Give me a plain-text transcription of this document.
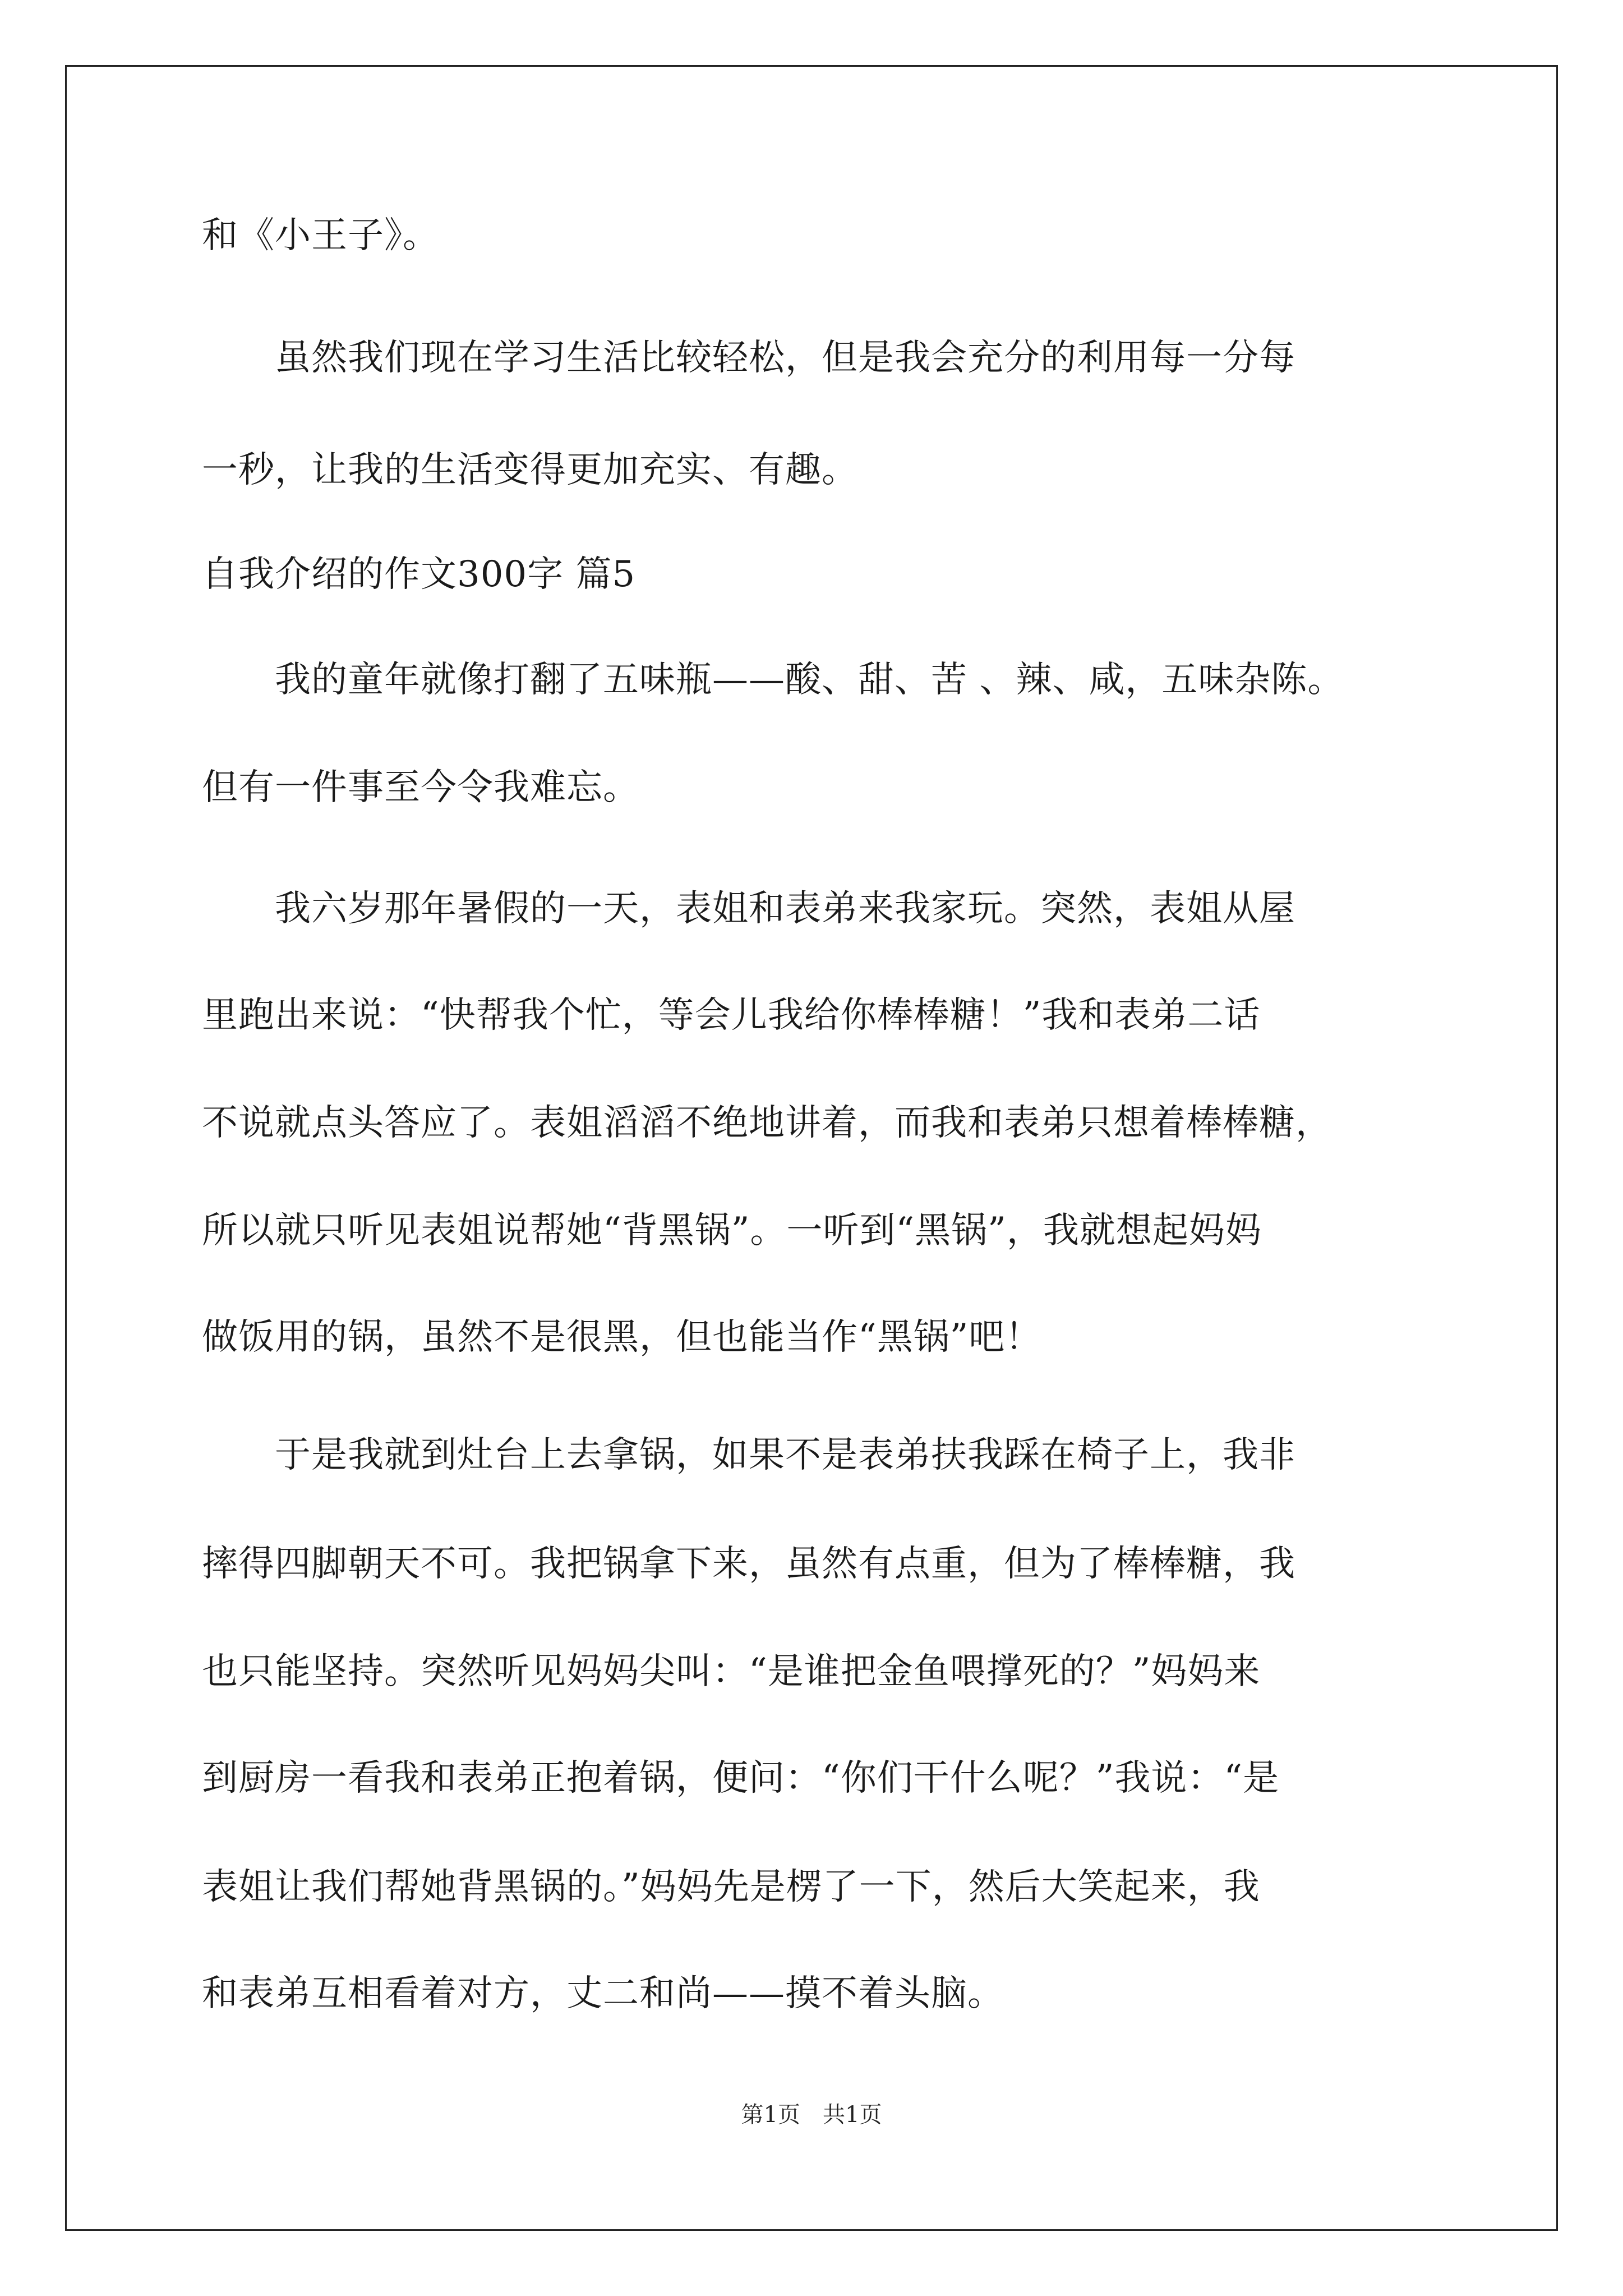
和《小王子》。

　　虽然我们现在学习生活比较轻松，但是我会充分的利用每一分每

一秒，让我的生活变得更加充实、有趣。

自我介绍的作文300字 篇5

　　我的童年就像打翻了五味瓶——酸、甜、苦 、辣、咸，五味杂陈。

但有一件事至今令我难忘。

　　我六岁那年暑假的一天，表姐和表弟来我家玩。突然，表姐从屋

里跑出来说：“快帮我个忙，等会儿我给你棒棒糖！”我和表弟二话

不说就点头答应了。表姐滔滔不绝地讲着，而我和表弟只想着棒棒糖，

所以就只听见表姐说帮她“背黑锅”。一听到“黑锅”，我就想起妈妈

做饭用的锅，虽然不是很黑，但也能当作“黑锅”吧！

　　于是我就到灶台上去拿锅，如果不是表弟扶我踩在椅子上，我非

摔得四脚朝天不可。我把锅拿下来，虽然有点重，但为了棒棒糖，我

也只能坚持。突然听见妈妈尖叫：“是谁把金鱼喂撑死的？”妈妈来

到厨房一看我和表弟正抱着锅，便问：“你们干什么呢？”我说：“是

表姐让我们帮她背黑锅的。”妈妈先是楞了一下，然后大笑起来，我

和表弟互相看着对方，丈二和尚——摸不着头脑。

第1页　共1页
